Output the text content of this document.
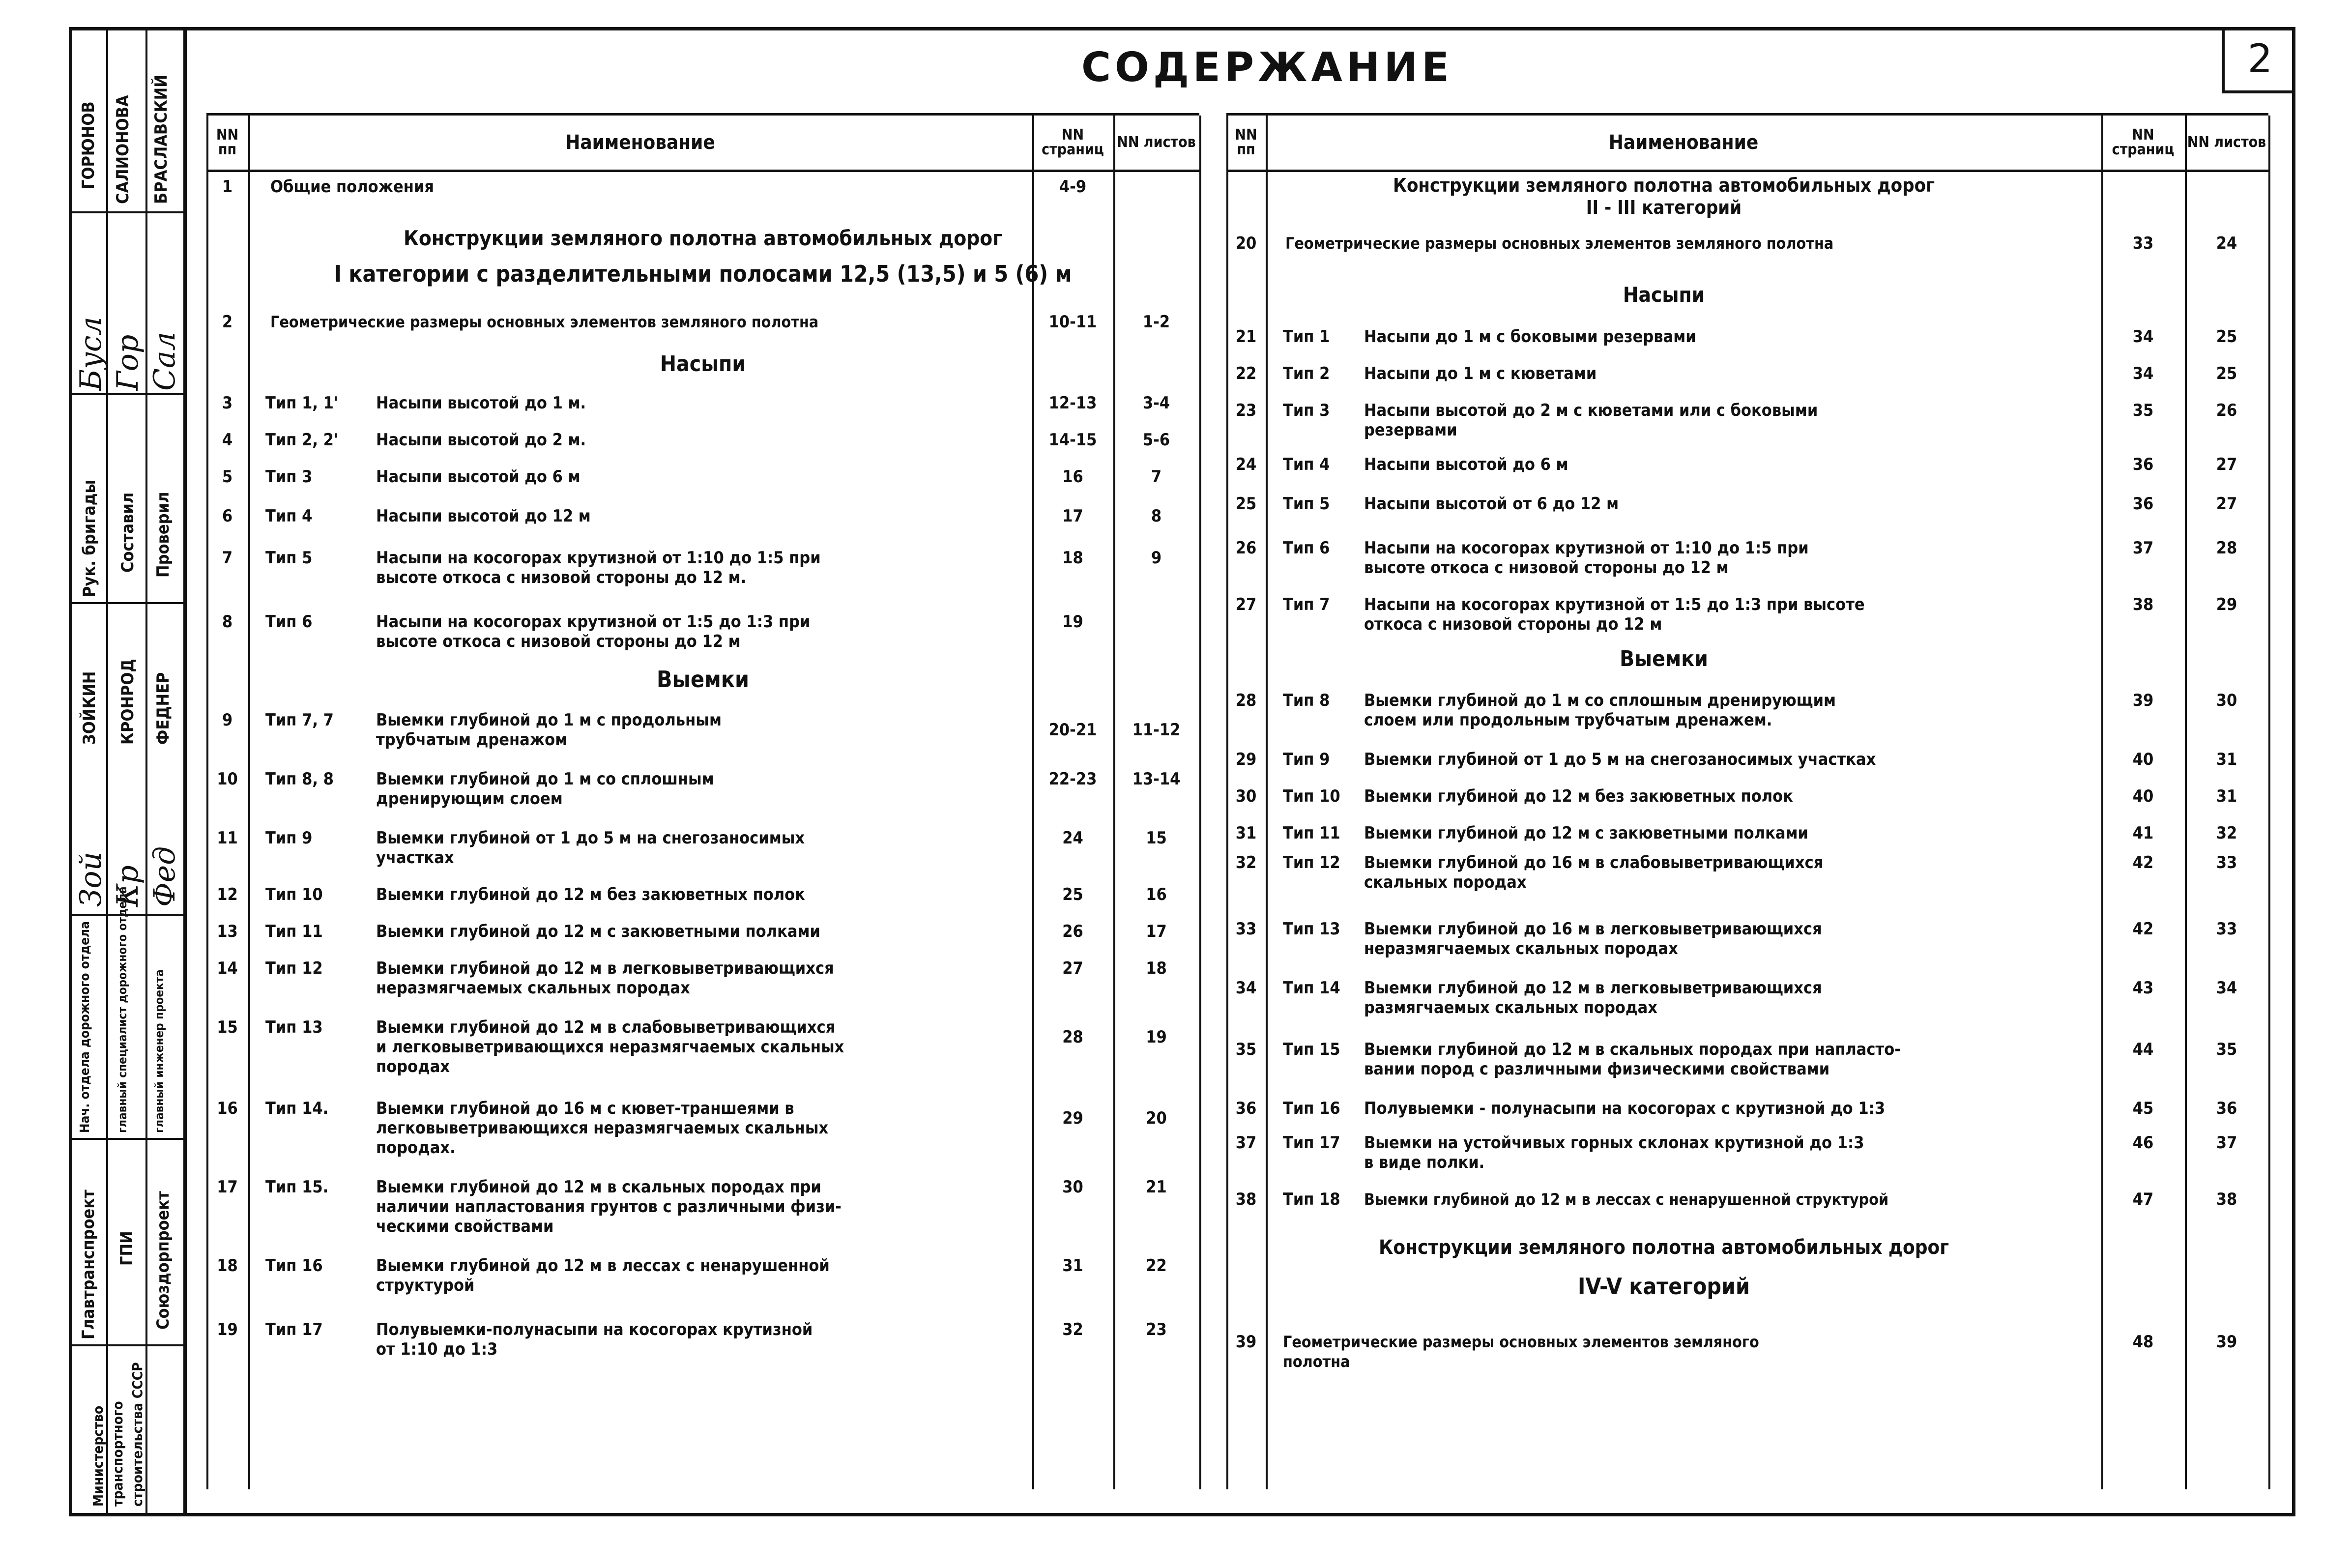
БРАСЛАВСКИЙ
ГОРЮНОВ САЛИОНОВА
Бусл Гор Сал
Рук. бригады Составил Проверил
ЗОЙКИН КРОНРОД ФЕДНЕР
Зой Кр Фед
Нач. отдела дорожного отдела главный специалист дорожного отдела главный инженер проекта
Главтранспроект ГПИ Союздорпроект
Министерство транспортного строительства СССР
СОДЕРЖАНИЕ	2
NN пп	Наименование	NN страниц NN листов
1	Общие положения	4-9
Конструкции земляного полотна автомобильных дорог
I категории с разделительными полосами 12,5 (13,5) и 5 (6) м
2	Геометрические размеры основных элементов земляного полотна	10-11	1-2
Насыпи
3	Тип 1, 1' Насыпи высотой до 1 м.	12-13	3-4
4	Тип 2, 2' Насыпи высотой до 2 м.	14-15	5-6
5	Тип 3	Насыпи высотой до 6 м	16	7
6	Тип 4	Насыпи высотой до 12 м	17	8
7	Тип 5	Насыпи на косогорах крутизной от 1:10 до 1:5 при
высоте откоса с низовой стороны до 12 м.
18	9
8	Тип 6	Насыпи на косогорах крутизной от 1:5 до 1:3 при
высоте откоса с низовой стороны до 12 м
19
Выемки
9	Тип 7, 7	Выемки глубиной до 1 м с продольным
трубчатым дренажом	20-21	11-12
10	Тип 8, 8	Выемки глубиной до 1 м со сплошным
дренирующим слоем
22-23	13-14
11	Тип 9	Выемки глубиной от 1 до 5 м на снегозаносимых
участках
24	15
12	Тип 10	Выемки глубиной до 12 м без закюветных полок	25	16
13	Тип 11	Выемки глубиной до 12 м с закюветными полками	26	17
14	Тип 12	Выемки глубиной до 12 м в легковыветривающихся
неразмягчаемых скальных породах
27	18
15	Тип 13	Выемки глубиной до 12 м в слабовыветривающихся
и легковыветривающихся неразмягчаемых скальных
породах
28	19
16	Тип 14.	Выемки глубиной до 16 м с кювет-траншеями в
легковыветривающихся неразмягчаемых скальных
породах.
29	20
17	Тип 15.	Выемки глубиной до 12 м в скальных породах при
наличии напластования грунтов с различными физи-
ческими свойствами
30	21
18	Тип 16	Выемки глубиной до 12 м в лессах с ненарушенной
структурой
31	22
19	Тип 17	Полувыемки-полунасыпи на косогорах крутизной
от 1:10 до 1:3
32	23
NN пп	Наименование	NN страниц NN листов
Конструкции земляного полотна автомобильных дорог
II - III категорий
20	Геометрические размеры основных элементов земляного полотна	33	24
Насыпи
21	Тип 1 Насыпи до 1 м с боковыми резервами	34	25
22	Тип 2 Насыпи до 1 м с кюветами	34	25
23	Тип 3 Насыпи высотой до 2 м с кюветами или с боковыми
резервами
35	26
24	Тип 4 Насыпи высотой до 6 м	36	27
25	Тип 5 Насыпи высотой от 6 до 12 м	36	27
26	Тип 6 Насыпи на косогорах крутизной от 1:10 до 1:5 при
высоте откоса с низовой стороны до 12 м
37	28
27	Тип 7 Насыпи на косогорах крутизной от 1:5 до 1:3 при высоте
откоса с низовой стороны до 12 м
38	29
Выемки
28	Тип 8 Выемки глубиной до 1 м со сплошным дренирующим
слоем или продольным трубчатым дренажем.
39	30
29	Тип 9 Выемки глубиной от 1 до 5 м на снегозаносимых участках	40	31
30	Тип 10 Выемки глубиной до 12 м без закюветных полок	40	31
31	Тип 11 Выемки глубиной до 12 м с закюветными полками	41	32
32	Тип 12 Выемки глубиной до 16 м в слабовыветривающихся
скальных породах
42	33
33	Тип 13 Выемки глубиной до 16 м в легковыветривающихся
неразмягчаемых скальных породах
42	33
34	Тип 14 Выемки глубиной до 12 м в легковыветривающихся
размягчаемых скальных породах
43	34
35	Тип 15 Выемки глубиной до 12 м в скальных породах при напласто-
вании пород с различными физическими свойствами
44	35
36	Тип 16 Полувыемки - полунасыпи на косогорах с крутизной до 1:3	45	36
37	Тип 17 Выемки на устойчивых горных склонах крутизной до 1:3
в виде полки.
46	37
38	Тип 18 Выемки глубиной до 12 м в лессах с ненарушенной структурой	47	38
Конструкции земляного полотна автомобильных дорог
IV-V категорий
39	Геометрические размеры основных элементов земляного
полотна
48	39
